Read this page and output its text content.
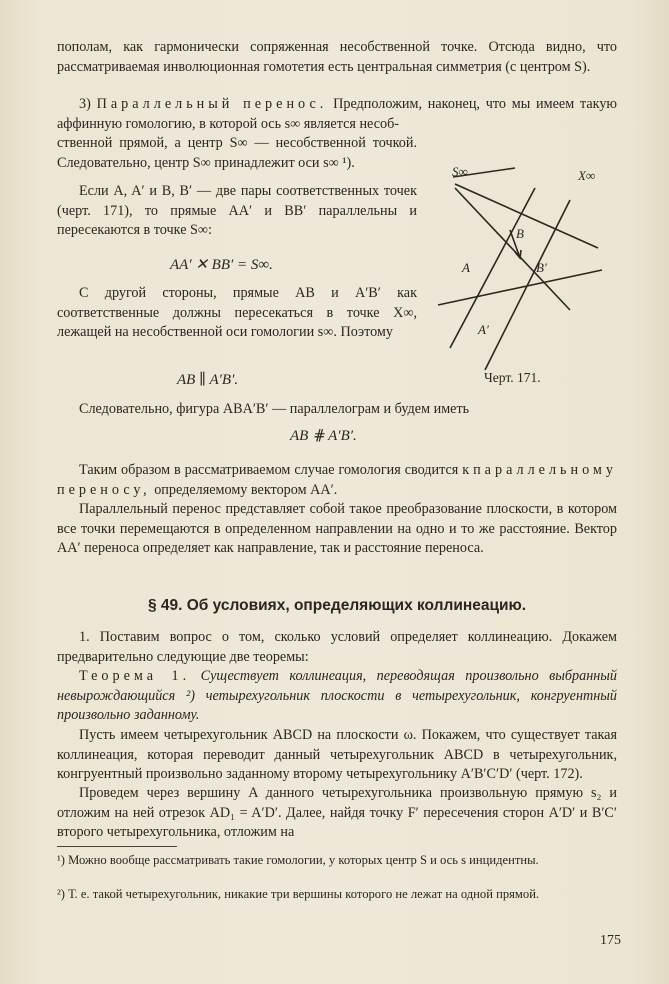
пополам, как гармонически сопряженная несобственной точке. Отсюда видно, что рассматриваемая инволюционная гомотетия есть центральная симметрия (с центром S).

3) Параллельный перенос. Предположим, наконец, что мы имеем такую аффинную гомологию, в которой ось s∞ является несоб-

ственной прямой, а центр S∞ — несобственной точкой. Следовательно, центр S∞ принадлежит оси s∞ ¹).

Если A, A′ и B, B′ — две пары соответственных точек (черт. 171), то прямые AA′ и BB′ параллельны и пересекаются в точке S∞:

AA′ ✕ BB′ = S∞.

С другой стороны, прямые AB и A′B′ как соответственные должны пересекаться в точке X∞, лежащей на несобственной оси гомологии s∞. Поэтому

AB ∥ A′B′.

Следовательно, фигура ABA′B′ — параллелограм и будем иметь

AB ⋕ A′B′.

Таким образом в рассматриваемом случае гомология сводится к параллельному переносу, определяемому вектором AA′.

Параллельный перенос представляет собой такое преобразование плоскости, в котором все точки перемещаются в определенном направлении на одно и то же расстояние. Вектор AA′ переноса определяет как направление, так и расстояние переноса.

§ 49. Об условиях, определяющих коллинеацию.

1. Поставим вопрос о том, сколько условий определяет коллинеацию. Докажем предварительно следующие две теоремы:

Теорема 1. Существует коллинеация, переводящая произвольно выбранный невырождающийся ²) четырехугольник плоскости в четырехугольник, конгруентный произвольно заданному.

Пусть имеем четырехугольник ABCD на плоскости ω. Покажем, что существует такая коллинеация, которая переводит данный четырехугольник ABCD в четырехугольник, конгруентный произвольно заданному второму четырехугольнику A′B′C′D′ (черт. 172).

Проведем через вершину A данного четырехугольника произвольную прямую s₂ и отложим на ней отрезок AD₁ = A′D′. Далее, найдя точку F′ пересечения сторон A′D′ и B′C′ второго четырехугольника, отложим на

¹) Можно вообще рассматривать такие гомологии, у которых центр S и ось s инцидентны.

²) Т. е. такой четырехугольник, никакие три вершины которого не лежат на одной прямой.

175
S∞	X∞
B
B′
A
A′
Черт. 171.
